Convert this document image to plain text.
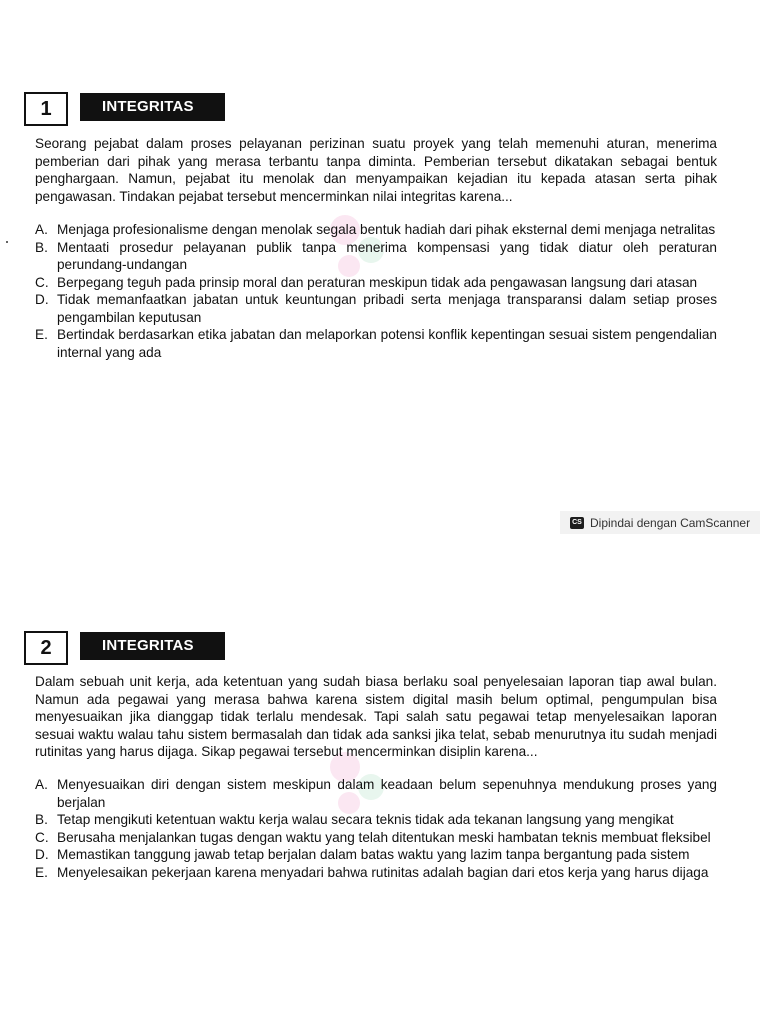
1	INTEGRITAS

Seorang pejabat dalam proses pelayanan perizinan suatu proyek yang telah memenuhi aturan, menerima pemberian dari pihak yang merasa terbantu tanpa diminta. Pemberian tersebut dikatakan sebagai bentuk penghargaan. Namun, pejabat itu menolak dan menyampaikan kejadian itu kepada atasan serta pihak pengawasan. Tindakan pejabat tersebut mencerminkan nilai integritas karena...

A. Menjaga profesionalisme dengan menolak segala bentuk hadiah dari pihak eksternal demi menjaga netralitas
B. Mentaati prosedur pelayanan publik tanpa menerima kompensasi yang tidak diatur oleh peraturan perundang-undangan
C. Berpegang teguh pada prinsip moral dan peraturan meskipun tidak ada pengawasan langsung dari atasan
D. Tidak memanfaatkan jabatan untuk keuntungan pribadi serta menjaga transparansi dalam setiap proses pengambilan keputusan
E. Bertindak berdasarkan etika jabatan dan melaporkan potensi konflik kepentingan sesuai sistem pengendalian internal yang ada
CS Dipindai dengan CamScanner
2	INTEGRITAS

Dalam sebuah unit kerja, ada ketentuan yang sudah biasa berlaku soal penyelesaian laporan tiap awal bulan. Namun ada pegawai yang merasa bahwa karena sistem digital masih belum optimal, pengumpulan bisa menyesuaikan jika dianggap tidak terlalu mendesak. Tapi salah satu pegawai tetap menyelesaikan laporan sesuai waktu walau tahu sistem bermasalah dan tidak ada sanksi jika telat, sebab menurutnya itu sudah menjadi rutinitas yang harus dijaga. Sikap pegawai tersebut mencerminkan disiplin karena...

A. Menyesuaikan diri dengan sistem meskipun dalam keadaan belum sepenuhnya mendukung proses yang berjalan
B. Tetap mengikuti ketentuan waktu kerja walau secara teknis tidak ada tekanan langsung yang mengikat
C. Berusaha menjalankan tugas dengan waktu yang telah ditentukan meski hambatan teknis membuat fleksibel
D. Memastikan tanggung jawab tetap berjalan dalam batas waktu yang lazim tanpa bergantung pada sistem
E. Menyelesaikan pekerjaan karena menyadari bahwa rutinitas adalah bagian dari etos kerja yang harus dijaga
